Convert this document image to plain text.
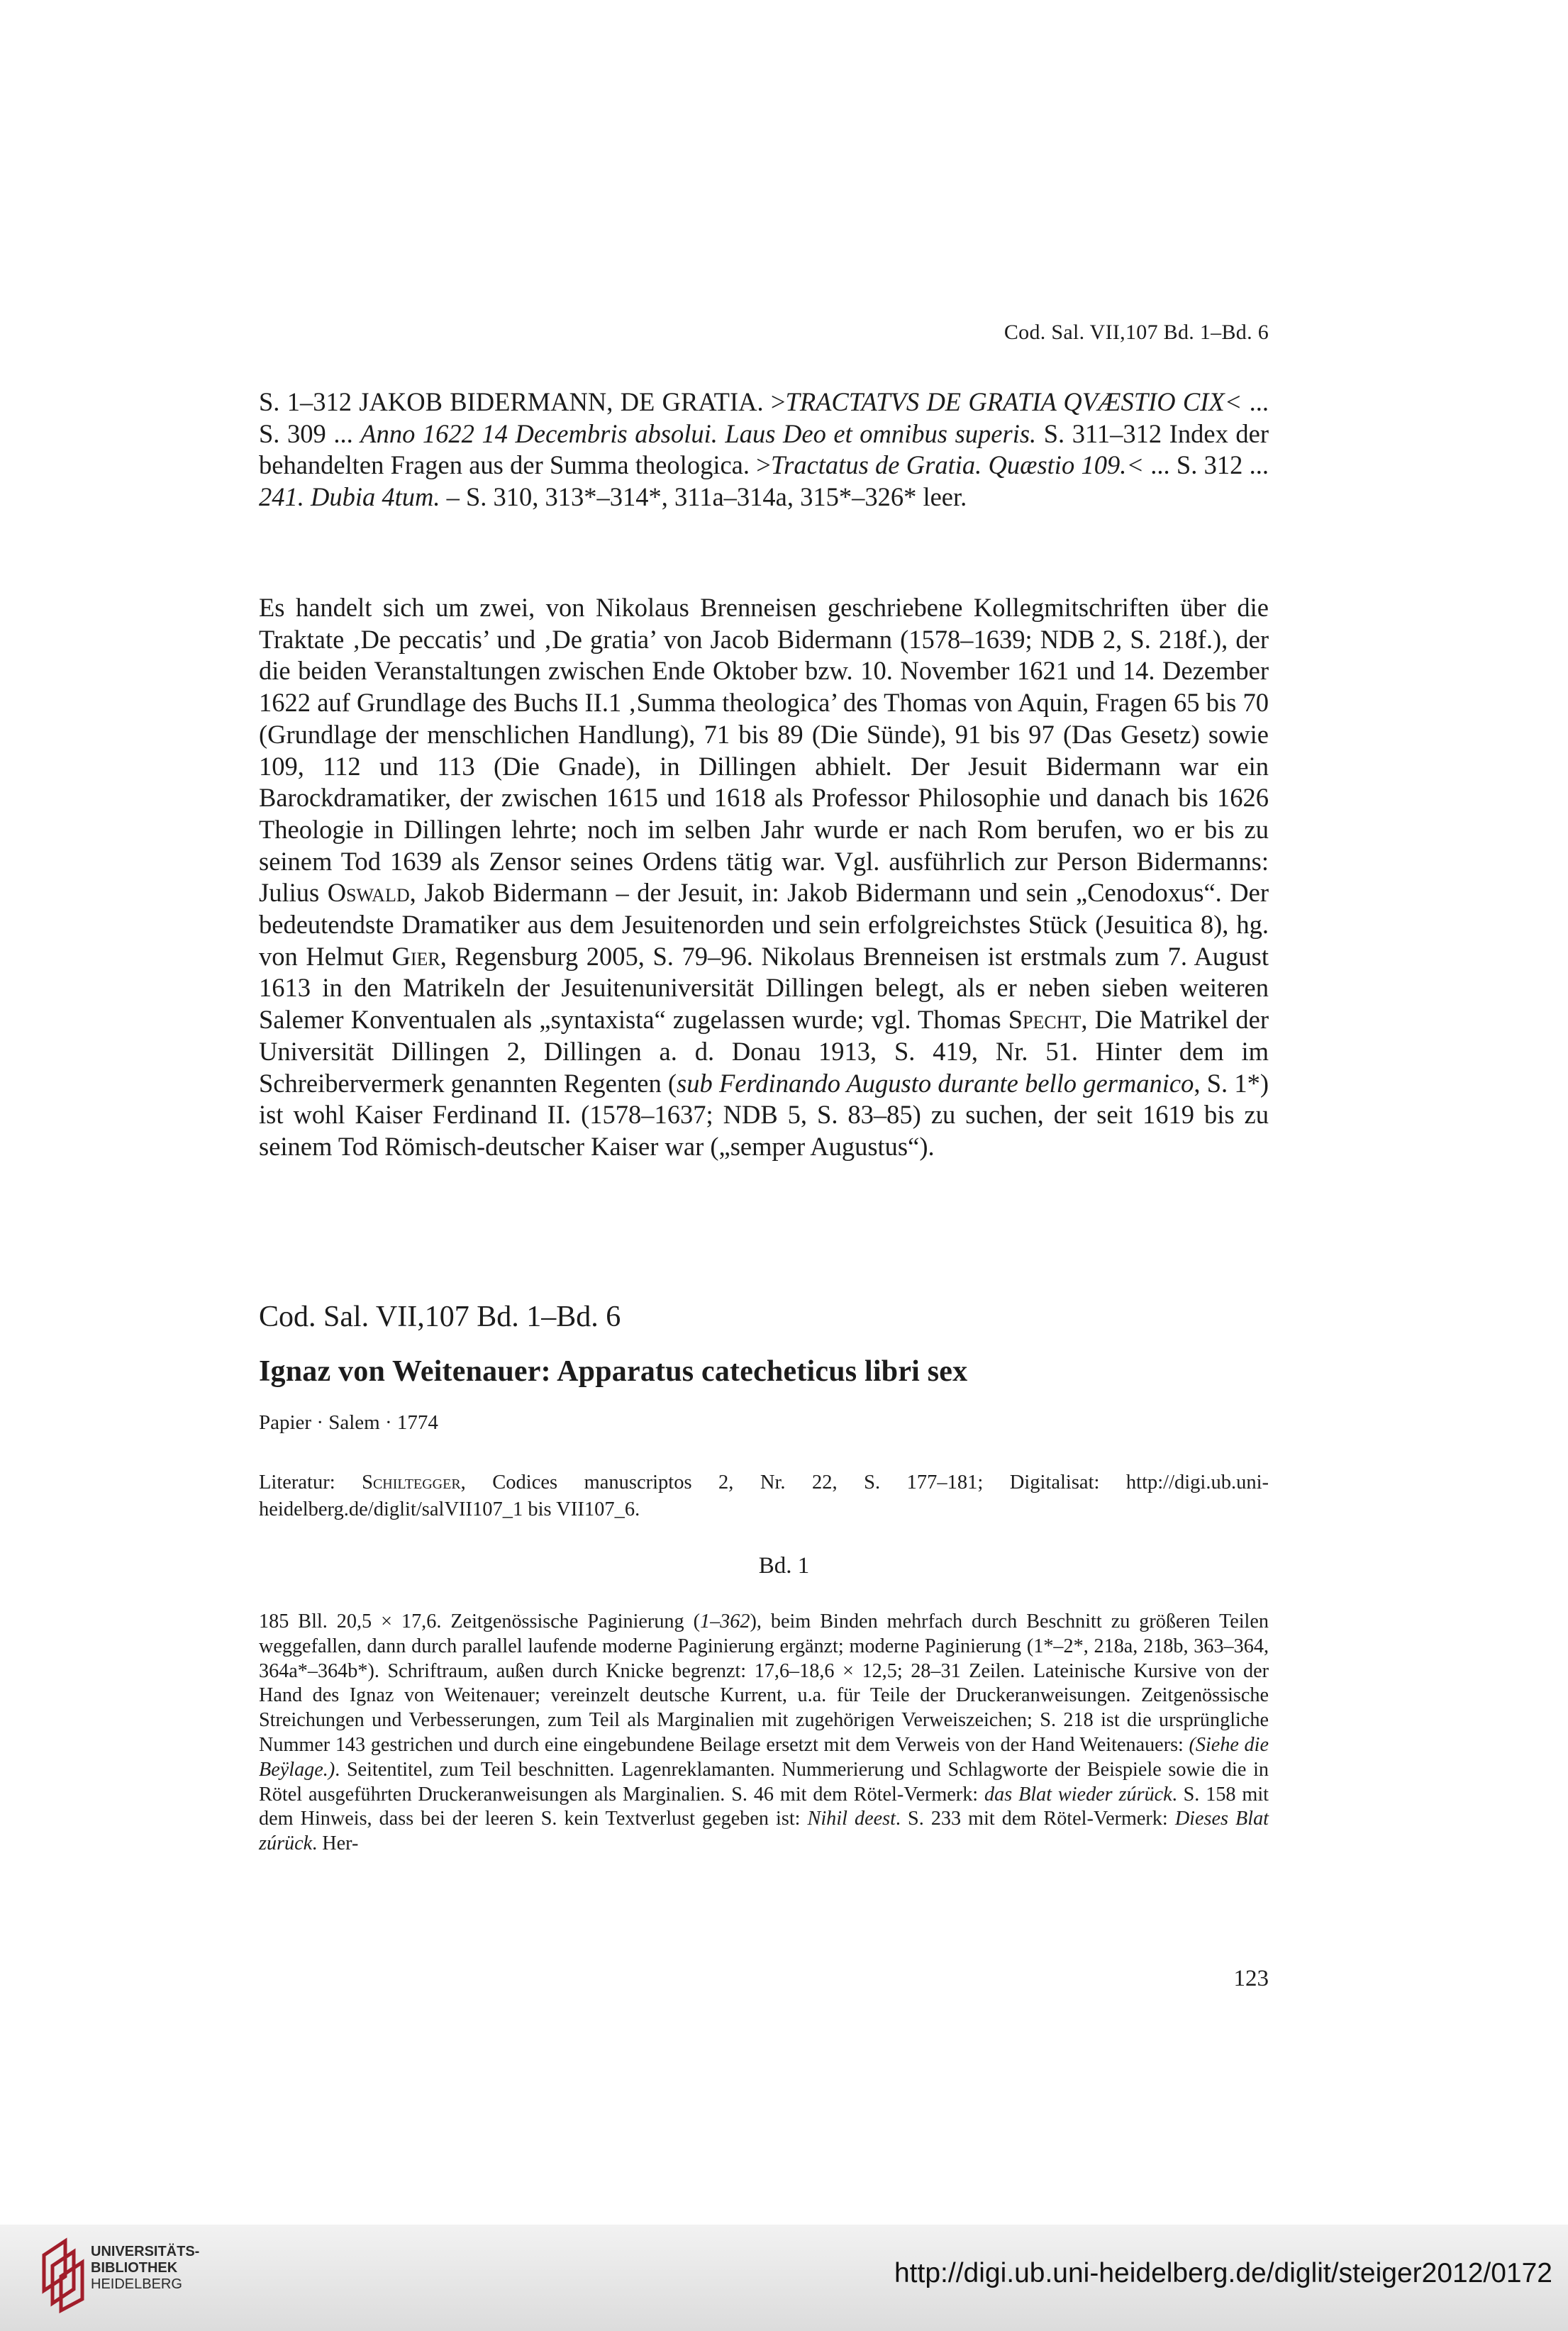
Cod. Sal. VII,107 Bd. 1–Bd. 6

S. 1–312 JAKOB BIDERMANN, DE GRATIA. >TRACTATVS DE GRATIA QVÆSTIO CIX< ... S. 309 ... Anno 1622 14 Decembris absolui. Laus Deo et omnibus superis. S. 311–312 Index der behandelten Fragen aus der Summa theologica. >Tractatus de Gratia. Quæstio 109.< ... S. 312 ... 241. Dubia 4tum. – S. 310, 313*–314*, 311a–314a, 315*–326* leer.

Es handelt sich um zwei, von Nikolaus Brenneisen geschriebene Kollegmitschriften über die Traktate ‚De peccatis’ und ‚De gratia’ von Jacob Bidermann (1578–1639; NDB 2, S. 218f.), der die beiden Veranstaltungen zwischen Ende Oktober bzw. 10. November 1621 und 14. Dezember 1622 auf Grundlage des Buchs II.1 ‚Summa theologica’ des Thomas von Aquin, Fragen 65 bis 70 (Grundlage der menschlichen Handlung), 71 bis 89 (Die Sünde), 91 bis 97 (Das Gesetz) sowie 109, 112 und 113 (Die Gnade), in Dillingen abhielt. Der Jesuit Bidermann war ein Barockdramatiker, der zwischen 1615 und 1618 als Professor Philosophie und danach bis 1626 Theologie in Dillingen lehrte; noch im selben Jahr wurde er nach Rom berufen, wo er bis zu seinem Tod 1639 als Zensor seines Ordens tätig war. Vgl. ausführlich zur Person Bidermanns: Julius Oswald, Jakob Bidermann – der Jesuit, in: Jakob Bidermann und sein „Cenodoxus“. Der bedeutendste Dramatiker aus dem Jesuitenorden und sein erfolgreichstes Stück (Jesuitica 8), hg. von Helmut Gier, Regensburg 2005, S. 79–96. Nikolaus Brenneisen ist erstmals zum 7. August 1613 in den Matrikeln der Jesuitenuniversität Dillingen belegt, als er neben sieben weiteren Salemer Konventualen als „syntaxista“ zugelassen wurde; vgl. Thomas Specht, Die Matrikel der Universität Dillingen 2, Dillingen a. d. Donau 1913, S. 419, Nr. 51. Hinter dem im Schreibervermerk genannten Regenten (sub Ferdinando Augusto durante bello germanico, S. 1*) ist wohl Kaiser Ferdinand II. (1578–1637; NDB 5, S. 83–85) zu suchen, der seit 1619 bis zu seinem Tod Römisch-deutscher Kaiser war („semper Augustus“).

Cod. Sal. VII,107 Bd. 1–Bd. 6
Ignaz von Weitenauer: Apparatus catecheticus libri sex
Papier · Salem · 1774

Literatur: Schiltegger, Codices manuscriptos 2, Nr. 22, S. 177–181; Digitalisat: http://digi.ub.uni-heidelberg.de/diglit/salVII107_1 bis VII107_6.

Bd. 1

185 Bll. 20,5 × 17,6. Zeitgenössische Paginierung (1–362), beim Binden mehrfach durch Beschnitt zu größeren Teilen weggefallen, dann durch parallel laufende moderne Paginierung ergänzt; moderne Paginierung (1*–2*, 218a, 218b, 363–364, 364a*–364b*). Schriftraum, außen durch Knicke begrenzt: 17,6–18,6 × 12,5; 28–31 Zeilen. Lateinische Kursive von der Hand des Ignaz von Weitenauer; vereinzelt deutsche Kurrent, u.a. für Teile der Druckeranweisungen. Zeitgenössische Streichungen und Verbesserungen, zum Teil als Marginalien mit zugehörigen Verweiszeichen; S. 218 ist die ursprüngliche Nummer 143 gestrichen und durch eine eingebundene Beilage ersetzt mit dem Verweis von der Hand Weitenauers: (Siehe die Beÿlage.). Seitentitel, zum Teil beschnitten. Lagenreklamanten. Nummerierung und Schlagworte der Beispiele sowie die in Rötel ausgeführten Druckeranweisungen als Marginalien. S. 46 mit dem Rötel-Vermerk: das Blat wieder zúrück. S. 158 mit dem Hinweis, dass bei der leeren S. kein Textverlust gegeben ist: Nihil deest. S. 233 mit dem Rötel-Vermerk: Dieses Blat zúrück. Her-

123
UNIVERSITÄTS-
BIBLIOTHEK
HEIDELBERG	http://digi.ub.uni-heidelberg.de/diglit/steiger2012/0172
